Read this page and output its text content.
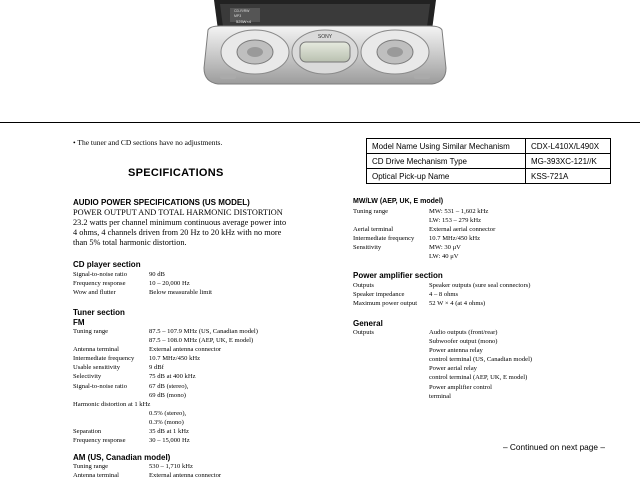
SONY
CD-R/RW
MP3
525W×4
• The tuner and CD sections have no adjustments.	Model Name Using Similar Mechanism	CDX-L410X/L490X
CD Drive Mechanism Type	MG-393XC-121//K
Optical Pick-up Name	KSS-721A
SPECIFICATIONS
AUDIO POWER SPECIFICATIONS (US MODEL)
POWER OUTPUT AND TOTAL HARMONIC DISTORTION
23.2 watts per channel minimum continuous average power into
4 ohms, 4 channels driven from 20 Hz to 20 kHz with no more
than 5% total harmonic distortion.
CD player section
Signal-to-noise ratio	90 dB
Frequency response	10 – 20,000 Hz
Wow and flutter	Below measurable limit
Tuner section
FM
Tuning range	87.5 – 107.9 MHz (US, Canadian model)
87.5 – 108.0 MHz (AEP, UK, E model)
Antenna terminal	External antenna connector
Intermediate frequency	10.7 MHz/450 kHz
Usable sensitivity	9 dBf
Selectivity	75 dB at 400 kHz
Signal-to-noise ratio	67 dB (stereo),
69 dB (mono)
Harmonic distortion at 1 kHz
0.5% (stereo),
0.3% (mono)
Separation	35 dB at 1 kHz
Frequency response	30 – 15,000 Hz
AM (US, Canadian model)
Tuning range	530 – 1,710 kHz
Antenna terminal	External antenna connector
MW/LW (AEP, UK, E model)
Tuning range	MW: 531 – 1,602 kHz
LW: 153 – 279 kHz
Aerial terminal	External aerial connector
Intermediate frequency	10.7 MHz/450 kHz
Sensitivity	MW: 30 μV
LW: 40 μV
Power amplifier section
Outputs	Speaker outputs (sure seal connectors)
Speaker impedance	4 – 8 ohms
Maximum power output	52 W × 4 (at 4 ohms)
General
Outputs	Audio outputs (front/rear)
Subwoofer output (mono)
Power antenna relay
control terminal (US, Canadian model)
Power aerial relay
control terminal (AEP, UK, E model)
Power amplifier control
terminal
– Continued on next page –
